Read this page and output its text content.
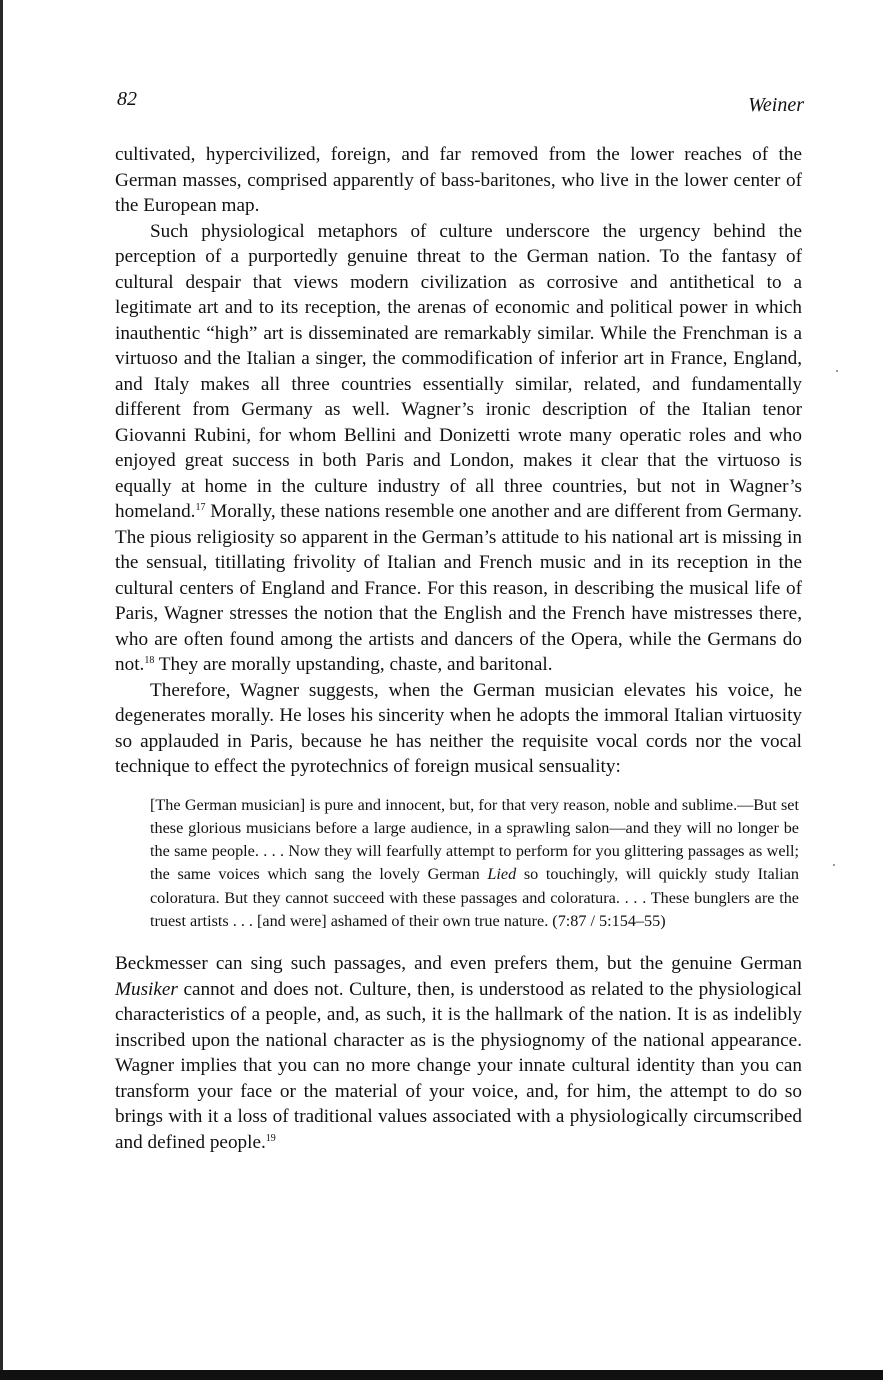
82	Weiner

cultivated, hypercivilized, foreign, and far removed from the lower reaches of the German masses, comprised apparently of bass-baritones, who live in the lower center of the European map.

Such physiological metaphors of culture underscore the urgency behind the perception of a purportedly genuine threat to the German nation. To the fantasy of cultural despair that views modern civilization as corrosive and antithetical to a legitimate art and to its reception, the arenas of economic and political power in which inauthentic “high” art is disseminated are remarkably similar. While the Frenchman is a virtuoso and the Italian a singer, the commodification of inferior art in France, England, and Italy makes all three countries essentially similar, related, and fundamentally different from Germany as well. Wagner’s ironic description of the Italian tenor Giovanni Rubini, for whom Bellini and Donizetti wrote many operatic roles and who enjoyed great success in both Paris and London, makes it clear that the virtuoso is equally at home in the culture industry of all three countries, but not in Wagner’s homeland.$^{17}$ Morally, these nations resemble one another and are different from Germany. The pious religiosity so apparent in the German’s attitude to his national art is missing in the sensual, titillating frivolity of Italian and French music and in its reception in the cultural centers of England and France. For this reason, in describing the musical life of Paris, Wagner stresses the notion that the English and the French have mistresses there, who are often found among the artists and dancers of the Opera, while the Germans do not.$^{18}$ They are morally upstanding, chaste, and baritonal.

Therefore, Wagner suggests, when the German musician elevates his voice, he degenerates morally. He loses his sincerity when he adopts the immoral Italian virtuosity so applauded in Paris, because he has neither the requisite vocal cords nor the vocal technique to effect the pyrotechnics of foreign musical sensuality:

[The German musician] is pure and innocent, but, for that very reason, noble and sublime.—But set these glorious musicians before a large audience, in a sprawling salon—and they will no longer be the same people. . . . Now they will fearfully attempt to perform for you glittering passages as well; the same voices which sang the lovely German Lied so touchingly, will quickly study Italian coloratura. But they cannot succeed with these passages and coloratura. . . . These bunglers are the truest artists . . . [and were] ashamed of their own true nature. (7:87 / 5:154–55)

Beckmesser can sing such passages, and even prefers them, but the genuine German Musiker cannot and does not. Culture, then, is understood as related to the physiological characteristics of a people, and, as such, it is the hallmark of the nation. It is as indelibly inscribed upon the national character as is the physiognomy of the national appearance. Wagner implies that you can no more change your innate cultural identity than you can transform your face or the material of your voice, and, for him, the attempt to do so brings with it a loss of traditional values associated with a physiologically circumscribed and defined people.$^{19}$
